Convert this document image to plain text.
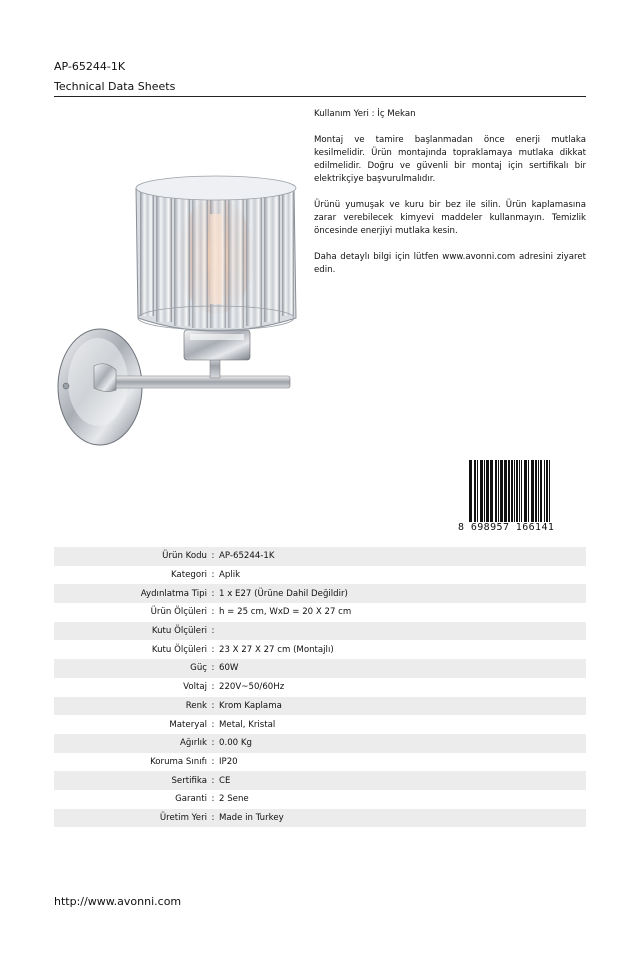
AP-65244-1K
Technical Data Sheets

Kullanım Yeri : İç Mekan

Montaj ve tamire başlanmadan önce enerji mutlaka kesilmelidir. Ürün montajında topraklamaya mutlaka dikkat edilmelidir. Doğru ve güvenli bir montaj için sertifikalı bir elektrikçiye başvurulmalıdır.

Ürünü yumuşak ve kuru bir bez ile silin. Ürün kaplamasına zarar verebilecek kimyevi maddeler kullanmayın. Temizlik öncesinde enerjiyi mutlaka kesin.

Daha detaylı bilgi için lütfen www.avonni.com adresini ziyaret edin.

8 698957 166141
Ürün Kodu : AP-65244-1K
Kategori : Aplik
Aydınlatma Tipi : 1 x E27 (Ürüne Dahil Değildir)
Ürün Ölçüleri : h = 25 cm, WxD = 20 X 27 cm
Kutu Ölçüleri :
Kutu Ölçüleri : 23 X 27 X 27 cm (Montajlı)
Güç : 60W
Voltaj : 220V~50/60Hz
Renk : Krom Kaplama
Materyal : Metal, Kristal
Ağırlık : 0.00 Kg
Koruma Sınıfı : IP20
Sertifika : CE
Garanti : 2 Sene
Üretim Yeri : Made in Turkey
http://www.avonni.com
